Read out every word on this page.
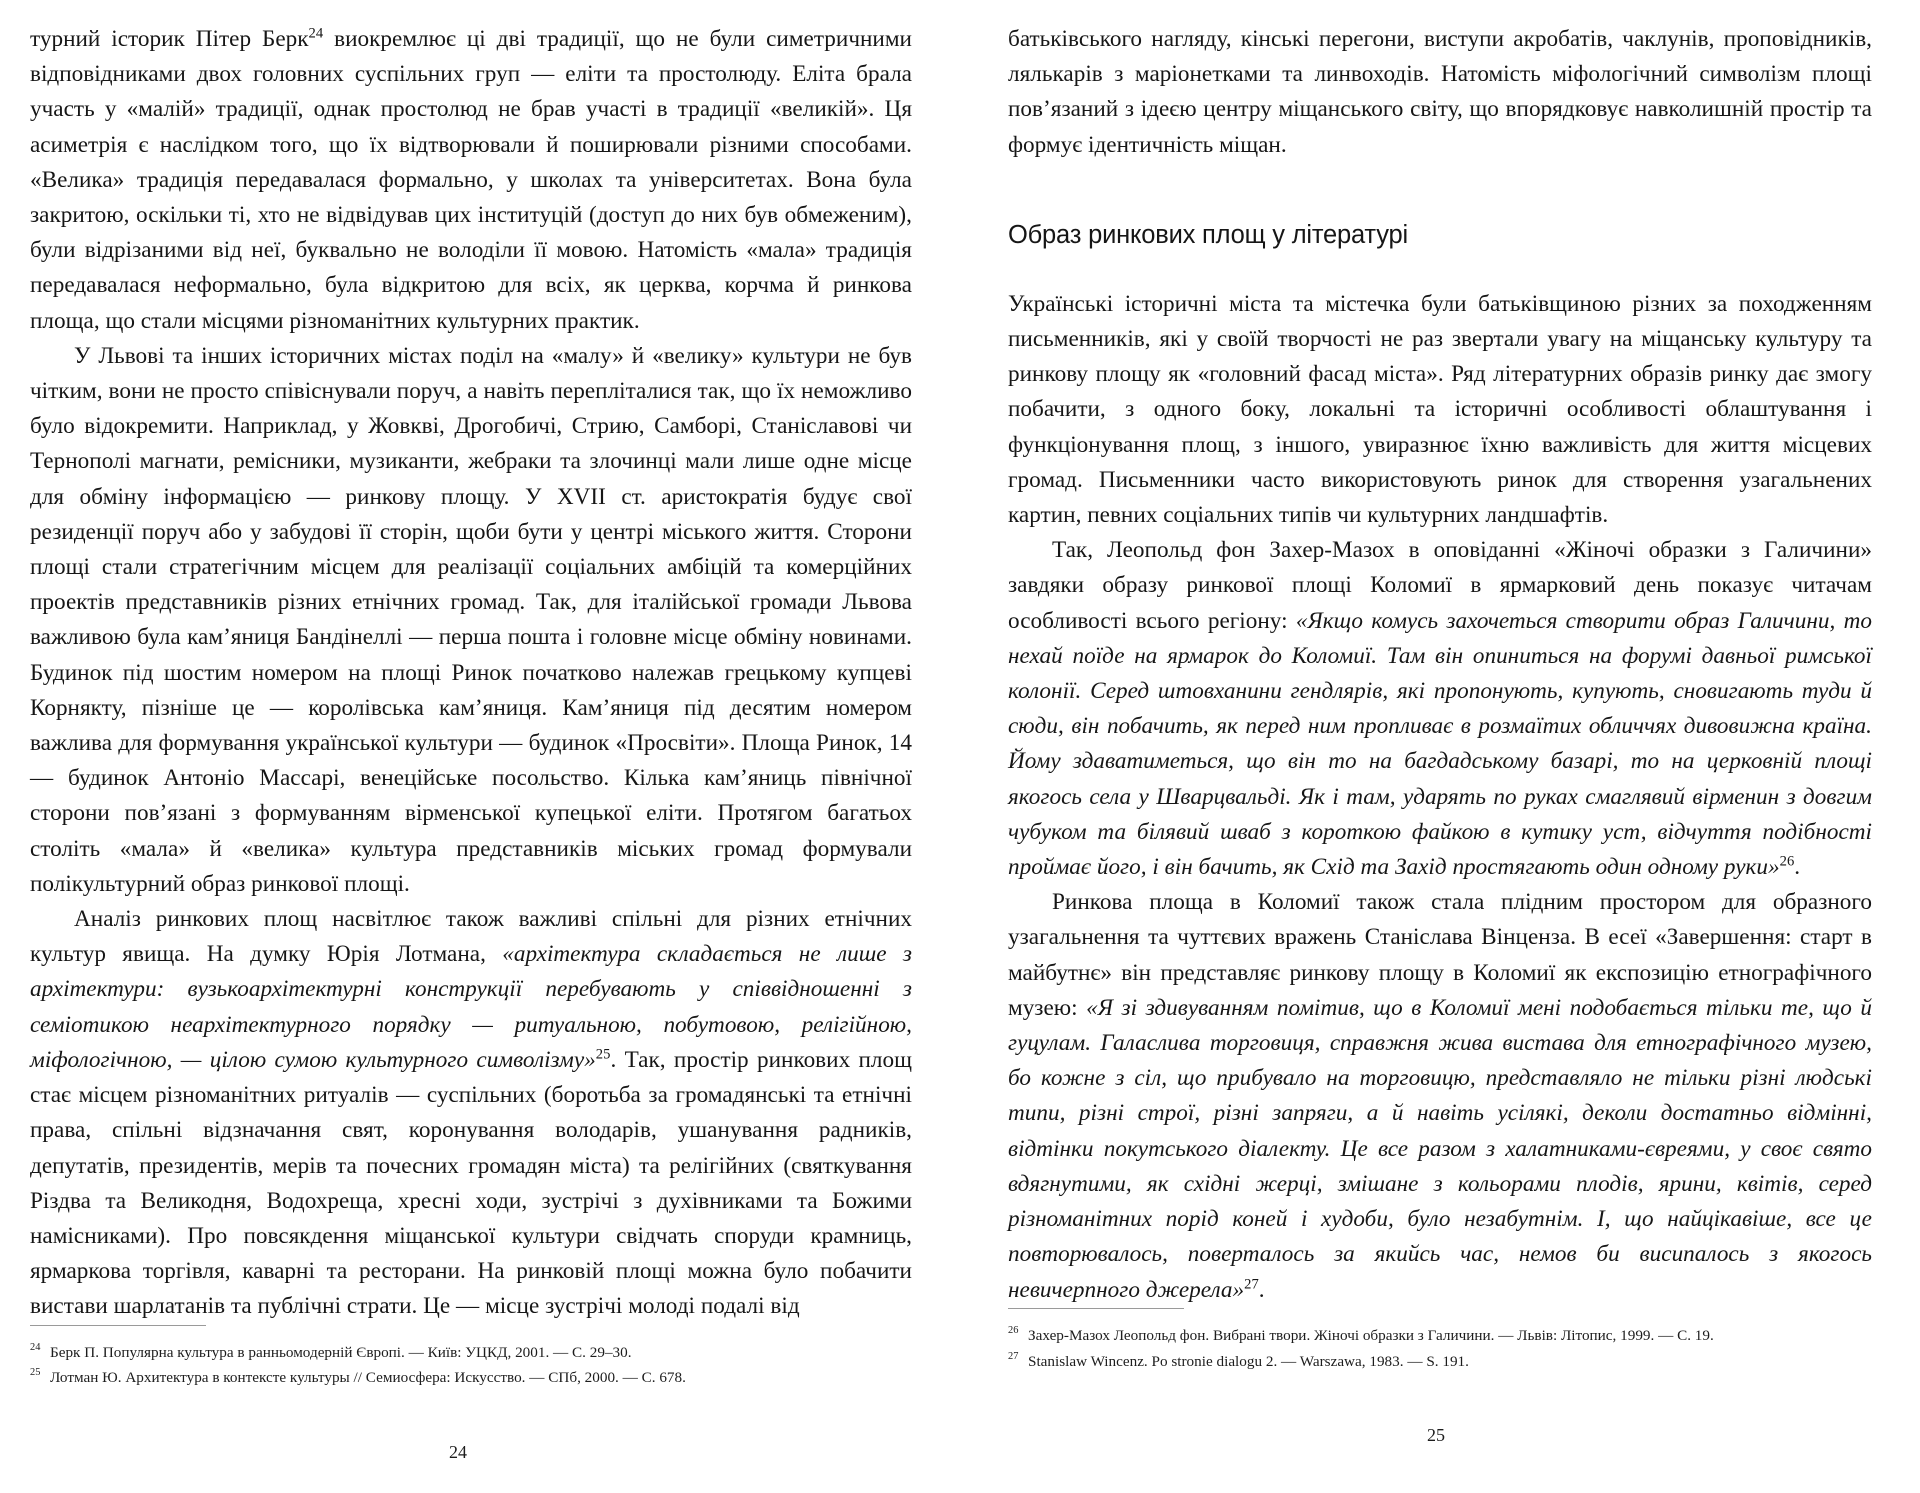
турний історик Пітер Берк$^{24}$ виокремлює ці дві традиції, що не були симетричними відповідниками двох головних суспільних груп — еліти та простолюду. Еліта брала участь у «малій» традиції, однак простолюд не брав участі в традиції «великій». Ця асиметрія є наслідком того, що їх відтворювали й поширювали різними способами. «Велика» традиція передавалася формально, у школах та університетах. Вона була закритою, оскільки ті, хто не відвідував цих інституцій (доступ до них був обмеженим), були відрізаними від неї, буквально не володіли її мовою. Натомість «мала» традиція передавалася неформально, була відкритою для всіх, як церква, корчма й ринкова площа, що стали місцями різноманітних культурних практик.

У Львові та інших історичних містах поділ на «малу» й «велику» культури не був чітким, вони не просто співіснували поруч, а навіть перепліталися так, що їх неможливо було відокремити. Наприклад, у Жовкві, Дрогобичі, Стрию, Самборі, Станіславові чи Тернополі магнати, ремісники, музиканти, жебраки та злочинці мали лише одне місце для обміну інформацією — ринкову площу. У XVII ст. аристократія будує свої резиденції поруч або у забудові її сторін, щоби бути у центрі міського життя. Сторони площі стали стратегічним місцем для реалізації соціальних амбіцій та комерційних проектів представників різних етнічних громад. Так, для італійської громади Львова важливою була кам’яниця Бандінеллі — перша пошта і головне місце обміну новинами. Будинок під шостим номером на площі Ринок початково належав грецькому купцеві Корнякту, пізніше це — королівська кам’яниця. Кам’яниця під десятим номером важлива для формування української культури — будинок «Просвіти». Площа Ринок, 14 — будинок Антоніо Массарі, венеційське посольство. Кілька кам’яниць північної сторони пов’язані з формуванням вірменської купецької еліти. Протягом багатьох століть «мала» й «велика» культура представників міських громад формували полікультурний образ ринкової площі.

Аналіз ринкових площ насвітлює також важливі спільні для різних етнічних культур явища. На думку Юрія Лотмана, «архітектура складається не лише з архітектури: вузькоархітектурні конструкції перебувають у співвідношенні з семіотикою неархітектурного порядку — ритуальною, побутовою, релігійною, міфологічною, — цілою сумою культурного символізму»$^{25}$. Так, простір ринкових площ стає місцем різноманітних ритуалів — суспільних (боротьба за громадянські та етнічні права, спільні відзначання свят, коронування володарів, ушанування радників, депутатів, президентів, мерів та почесних громадян міста) та релігійних (святкування Різдва та Великодня, Водохреща, хресні ходи, зустрічі з духівниками та Божими намісниками). Про повсякдення міщанської культури свідчать споруди крамниць, ярмаркова торгівля, каварні та ресторани. На ринковій площі можна було побачити вистави шарлатанів та публічні страти. Це — місце зустрічі молоді подалі від

24 Берк П. Популярна культура в ранньомодерній Європі. — Київ: УЦКД, 2001. — С. 29–30.
25 Лотман Ю. Архитектура в контексте культуры // Семиосфера: Искусство. — СПб, 2000. — С. 678.
24

батьківського нагляду, кінські перегони, виступи акробатів, чаклунів, проповідників, лялькарів з маріонетками та линвоходів. Натомість міфологічний символізм площі пов’язаний з ідеєю центру міщанського світу, що впорядковує навколишній простір та формує ідентичність міщан.

Образ ринкових площ у літературі

Українські історичні міста та містечка були батьківщиною різних за походженням письменників, які у своїй творчості не раз звертали увагу на міщанську культуру та ринкову площу як «головний фасад міста». Ряд літературних образів ринку дає змогу побачити, з одного боку, локальні та історичні особливості облаштування і функціонування площ, з іншого, увиразнює їхню важливість для життя місцевих громад. Письменники часто використовують ринок для створення узагальнених картин, певних соціальних типів чи культурних ландшафтів.

Так, Леопольд фон Захер-Мазох в оповіданні «Жіночі образки з Галичини» завдяки образу ринкової площі Коломиї в ярмарковий день показує читачам особливості всього регіону: «Якщо комусь захочеться створити образ Галичини, то нехай поїде на ярмарок до Коломиї. Там він опиниться на форумі давньої римської колонії. Серед штовханини гендлярів, які пропонують, купують, сновигають туди й сюди, він побачить, як перед ним пропливає в розмаїтих обличчях дивовижна країна. Йому здаватиметься, що він то на багдадському базарі, то на церковній площі якогось села у Шварцвальді. Як і там, ударять по руках смаглявий вірменин з довгим чубуком та білявий шваб з короткою файкою в кутику уст, відчуття подібності проймає його, і він бачить, як Схід та Захід простягають один одному руки»$^{26}$.

Ринкова площа в Коломиї також стала плідним простором для образного узагальнення та чуттєвих вражень Станіслава Вінценза. В есеї «Завершення: старт в майбутнє» він представляє ринкову площу в Коломиї як експозицію етнографічного музею: «Я зі здивуванням помітив, що в Коломиї мені подобається тільки те, що й гуцулам. Галасливa торговиця, справжня жива вистава для етнографічного музею, бо кожне з сіл, що прибувало на торговицю, представляло не тільки різні людські типи, різні строї, різні запряги, а й навіть усілякі, деколи достатньо відмінні, відтінки покутського діалекту. Це все разом з халатниками-євреями, у своє свято вдягнутими, як східні жерці, змішане з кольорами плодів, ярини, квітів, серед різноманітних порід коней і худоби, було незабутнім. І, що найцікавіше, все це повторювалось, поверталось за якийсь час, немов би висипалось з якогось невичерпного джерела»$^{27}$.

26 Захер-Мазох Леопольд фон. Вибрані твори. Жіночі образки з Галичини. — Львів: Літопис, 1999. — С. 19.
27 Stanislaw Wincenz. Po stronie dialogu 2. — Warszawa, 1983. — S. 191.
25
